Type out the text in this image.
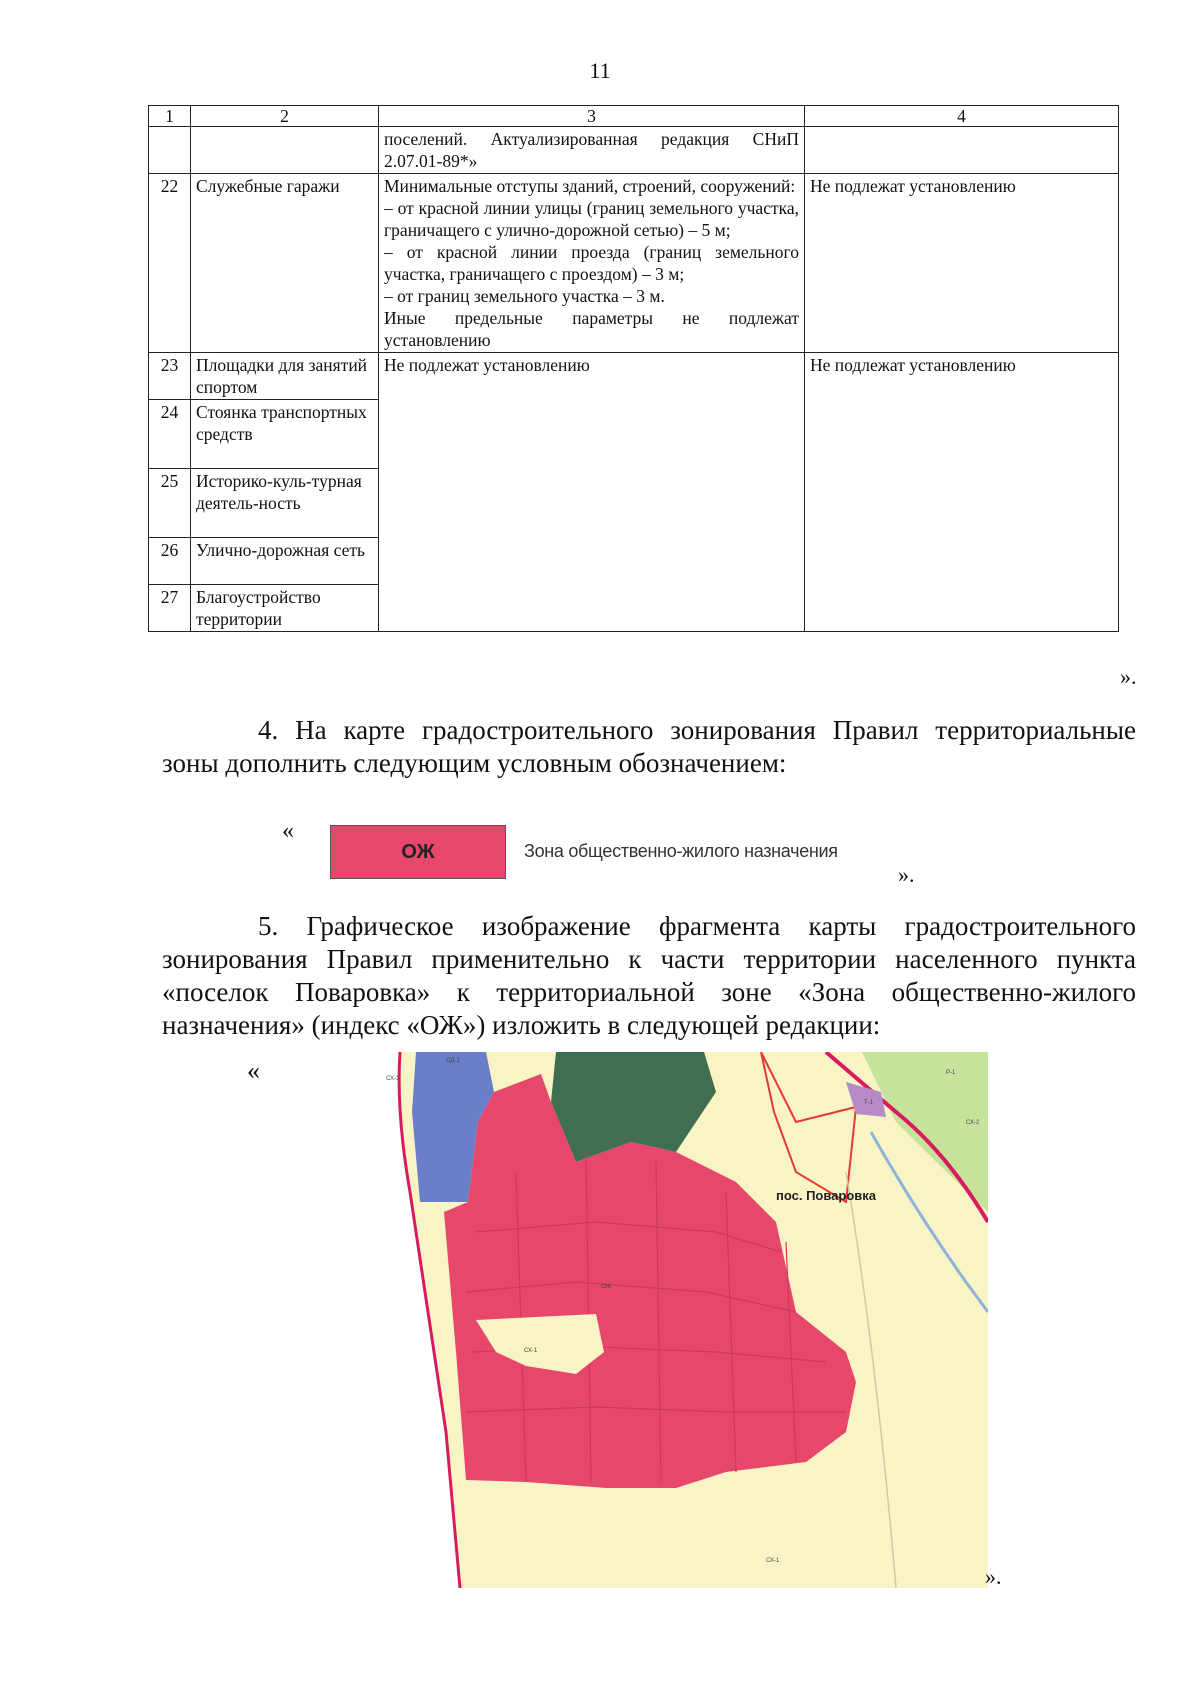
11
1	2	3	4
		поселений. Актуализированная редакция СНиП 2.07.01-89*»	
22	Служебные гаражи	Минимальные отступы зданий, строений, сооружений:
– от красной линии улицы (границ земельного участка, граничащего с улично-дорожной сетью) – 5 м;
– от красной линии проезда (границ земельного участка, граничащего с проездом) – 3 м;
– от границ земельного участка – 3 м.
Иные предельные параметры не подлежат установлению	Не подлежат установлению
23	Площадки для занятий спортом	Не подлежат установлению	Не подлежат установлению
24	Стоянка транспортных средств		
25	Историко-куль-турная деятель-ность		
26	Улично-дорожная сеть		
27	Благоустройство территории		
».
4. На карте градостроительного зонирования Правил территориальные зоны дополнить следующим условным обозначением:
«
ОЖ	Зона общественно-жилого назначения
».
5. Графическое изображение фрагмента карты градостроительного зонирования Правил применительно к части территории населенного пункта «поселок Поваровка» к территориальной зоне «Зона общественно-жилого назначения» (индекс «ОЖ») изложить в следующей редакции:
«
пос. Поваровка
ОЖ
СХ-1
СХ-1
ОД-2
Р-1
Т-1
СХ-2
СХ-1
».
